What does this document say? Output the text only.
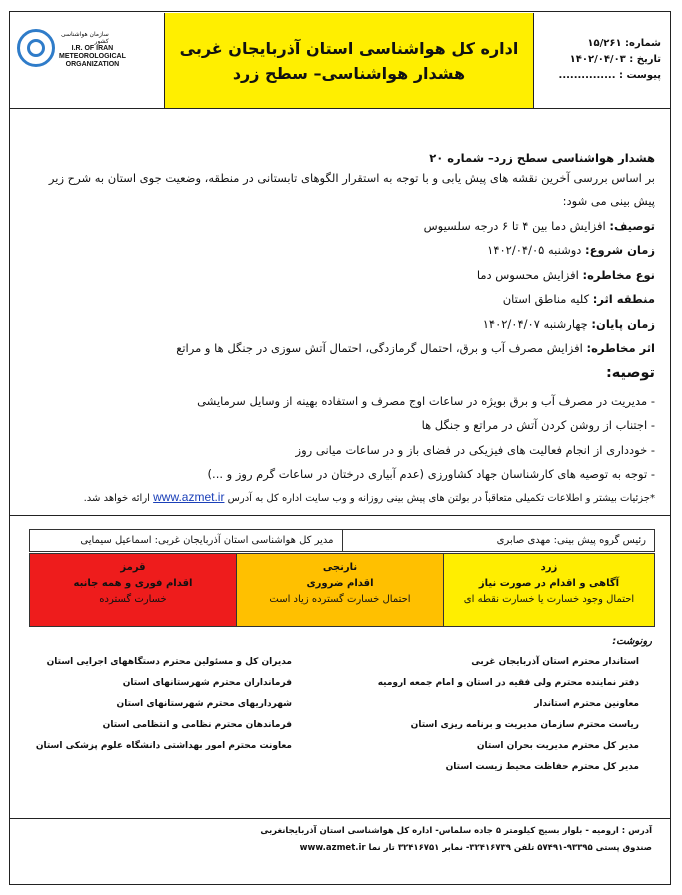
سازمان هواشناسی
کشور
I.R. OF IRAN
METEOROLOGICAL
ORGANIZATION
اداره کل هواشناسی استان آذربایجان غربی
هشدار هواشناسی– سطح زرد
شماره: ۱۵/۲۶۱
تاریخ : ۱۴۰۲/۰۴/۰۳
پیوست : ...............
هشدار هواشناسی سطح زرد– شماره ۲۰
بر اساس بررسی آخرین نقشه های پیش یابی و با توجه به استقرار الگوهای تابستانی در منطقه، وضعیت جوی استان به شرح زیر
پیش بینی می شود:
توصیف: افزایش دما بین ۴ تا ۶ درجه سلسیوس
زمان شروع: دوشنبه ۱۴۰۲/۰۴/۰۵
نوع مخاطره: افزایش محسوس دما
منطقه اثر: کلیه مناطق استان
زمان پایان: چهارشنبه ۱۴۰۲/۰۴/۰۷
اثر مخاطره: افزایش مصرف آب و برق، احتمال گرمازدگی، احتمال آتش سوزی در جنگل ها و مراتع
توصیه:
- مدیریت در مصرف آب و برق بویژه در ساعات اوج مصرف و استفاده بهینه از وسایل سرمایشی
- اجتناب از روشن کردن آتش در مراتع و جنگل ها
- خودداری از انجام فعالیت های فیزیکی در فضای باز و در ساعات میانی روز
- توجه به توصیه های کارشناسان جهاد کشاورزی (عدم آبیاری درختان در ساعات گرم روز و ...)
*جزئیات بیشتر و اطلاعات تکمیلی متعاقباً در بولتن های پیش بینی روزانه و وب سایت اداره کل به آدرس www.azmet.ir ارائه خواهد شد.
رئیس گروه پیش بینی: مهدی صابری	مدیر کل هواشناسی استان آذربایجان غربی: اسماعیل سیمایی
زرد
آگاهی و اقدام در صورت نیاز
احتمال وجود خسارت یا خسارت نقطه ای
نارنجی
اقدام ضروری
احتمال خسارت گسترده زیاد است
قرمز
اقدام فوری و همه جانبه
خسارت گسترده
رونوشت:
استاندار محترم استان آذربایجان غربی
دفتر نماینده محترم ولی فقیه در استان و امام جمعه ارومیه
معاونین محترم استاندار
ریاست محترم سازمان مدیریت و برنامه ریزی استان
مدیر کل محترم مدیریت بحران استان
مدیر کل محترم حفاظت محیط زیست استان
مدیران کل و مسئولین محترم دستگاههای اجرایی استان
فرمانداران محترم شهرستانهای استان
شهرداریهای محترم شهرستانهای استان
فرماندهان محترم نظامی و انتظامی استان
معاونت محترم امور بهداشتی دانشگاه علوم پزشکی استان
آدرس : ارومیه - بلوار بسیج کیلومتر ۵ جاده سلماس- اداره کل هواشناسی استان آذربایجانغربی
صندوق پستی ۹۳۳۹۵-۵۷۴۹۱ تلفن ۳۲۴۱۶۷۳۹- نمابر ۳۲۴۱۶۷۵۱ تار نما www.azmet.ir
